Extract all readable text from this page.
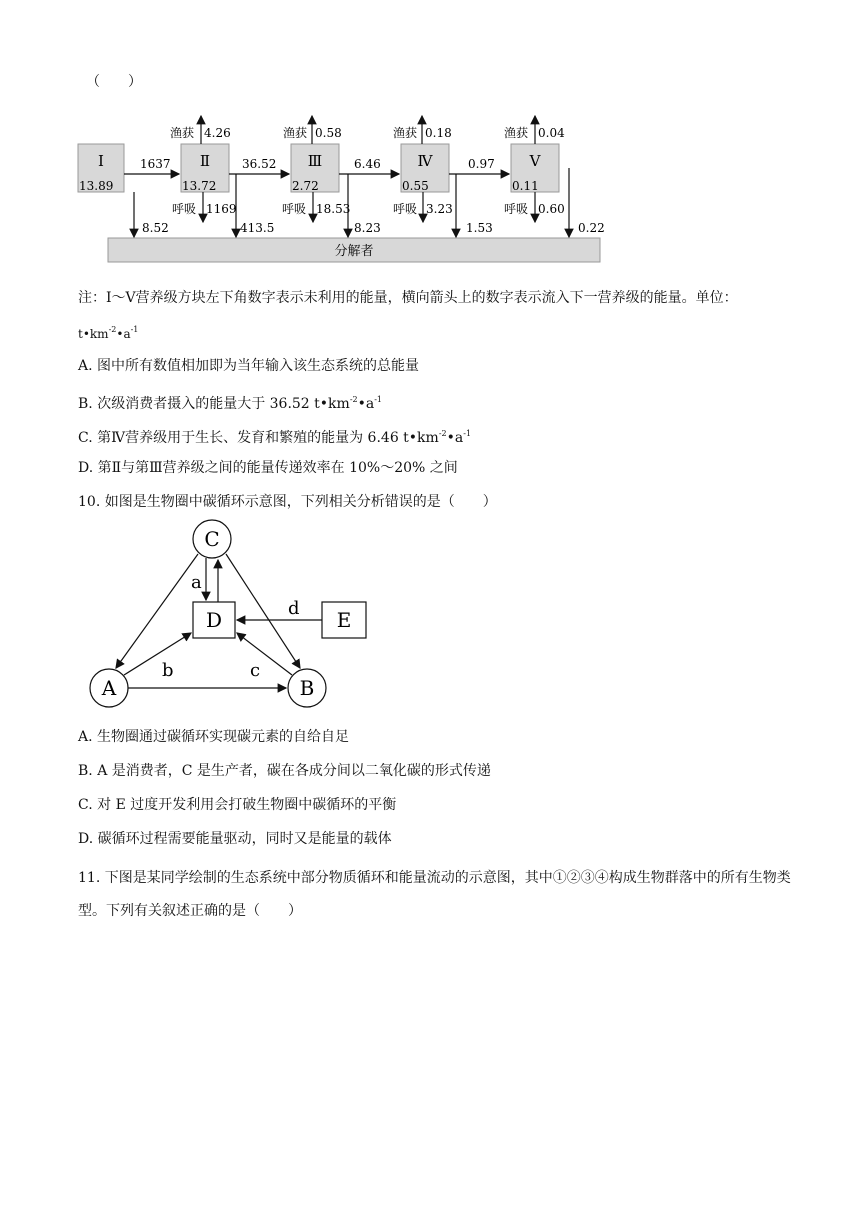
（　　）
分解者
Ⅰ
13.89
Ⅱ
13.72
Ⅲ
2.72
Ⅳ
0.55
Ⅴ
0.11
1637	36.52	6.46	0.97
渔获 4.26	渔获 0.58	渔获 0.18	渔获 0.04
呼吸 1169	呼吸 18.53	呼吸 3.23	呼吸 0.60
8.52	413.5	8.23	1.53	0.22
注：Ⅰ～Ⅴ营养级方块左下角数字表示未利用的能量，横向箭头上的数字表示流入下一营养级的能量。单位：
$t•km^{-2}•a^{-1}$
A. 图中所有数值相加即为当年输入该生态系统的总能量
B. 次级消费者摄入的能量大于 36.52 $t•km^{-2}•a^{-1}$
C. 第Ⅳ营养级用于生长、发育和繁殖的能量为 6.46 $t•km^{-2}•a^{-1}$
D. 第Ⅱ与第Ⅲ营养级之间的能量传递效率在 10%～20% 之间
10. 如图是生物圈中碳循环示意图，下列相关分析错误的是（　　）
C
D	E
A	B
a
b	c
d
A. 生物圈通过碳循环实现碳元素的自给自足
B. A 是消费者，C 是生产者，碳在各成分间以二氧化碳的形式传递
C. 对 E 过度开发利用会打破生物圈中碳循环的平衡
D. 碳循环过程需要能量驱动，同时又是能量的载体
11. 下图是某同学绘制的生态系统中部分物质循环和能量流动的示意图，其中①②③④构成生物群落中的所有生物类型。下列有关叙述正确的是（　　）
